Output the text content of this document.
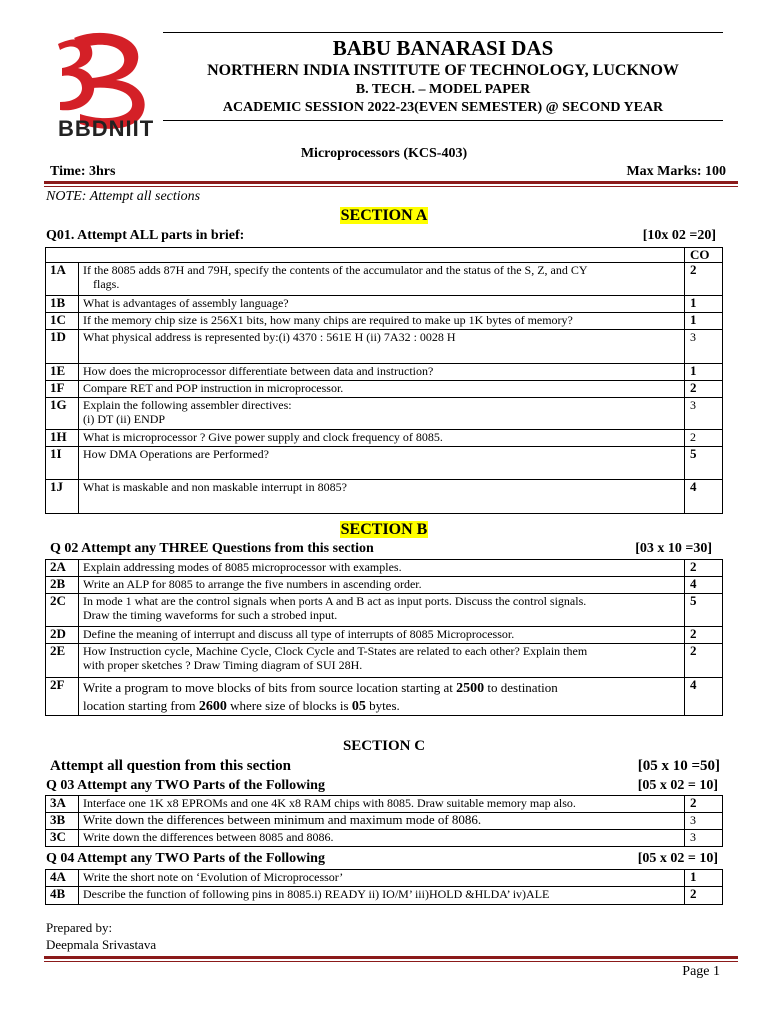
BBDNIIT
BABU BANARASI DAS
NORTHERN INDIA INSTITUTE OF TECHNOLOGY, LUCKNOW
B. TECH. – MODEL PAPER
ACADEMIC SESSION 2022-23(EVEN SEMESTER) @ SECOND YEAR
Microprocessors (KCS-403)
Time: 3hrs	Max Marks: 100
NOTE: Attempt all sections
SECTION A
Q01. Attempt ALL parts in brief:	[10x 02 =20]
		CO
1A	If the 8085 adds 87H and 79H, specify the contents of the accumulator and the status of the S, Z, and CY
flags.	2
1B	What is advantages of assembly language?	1
1C	If the memory chip size is 256X1 bits, how many chips are required to make up 1K bytes of memory?	1
1D	What physical address is represented by:(i) 4370 : 561E H (ii) 7A32 : 0028 H	3
1E	How does the microprocessor differentiate between data and instruction?	1
1F	Compare RET and POP instruction in microprocessor.	2
1G	Explain the following assembler directives:
(i) DT (ii) ENDP	3
1H	What is microprocessor ? Give power supply and clock frequency of 8085.	2
1I	How DMA Operations are Performed?	5
1J	What is maskable and non maskable interrupt in 8085?	4
SECTION B
Q 02 Attempt any THREE Questions from this section	[03 x 10 =30]
2A	Explain addressing modes of 8085 microprocessor with examples.	2
2B	Write an ALP for 8085 to arrange the five numbers in ascending order.	4
2C	In mode 1 what are the control signals when ports A and B act as input ports. Discuss the control signals.
Draw the timing waveforms for such a strobed input.	5
2D	Define the meaning of interrupt and discuss all type of interrupts of 8085 Microprocessor.	2
2E	How Instruction cycle, Machine Cycle, Clock Cycle and T-States are related to each other? Explain them
with proper sketches ? Draw Timing diagram of SUI 28H.	2
2F	Write a program to move blocks of bits from source location starting at 2500 to destination
location starting from 2600 where size of blocks is 05 bytes.	4
SECTION C
Attempt all question from this section	[05 x 10 =50]
Q 03 Attempt any TWO Parts of the Following	[05 x 02 = 10]
3A	Interface one 1K x8 EPROMs and one 4K x8 RAM chips with 8085. Draw suitable memory map also.	2
3B	Write down the differences between minimum and maximum mode of 8086.	3
3C	Write down the differences between 8085 and 8086.	3
Q 04 Attempt any TWO Parts of the Following	[05 x 02 = 10]
4A	Write the short note on ‘Evolution of Microprocessor’	1
4B	Describe the function of following pins in 8085.i) READY ii) IO/M’ iii)HOLD &HLDA’ iv)ALE	2
Prepared by:
Deepmala Srivastava
Page 1
